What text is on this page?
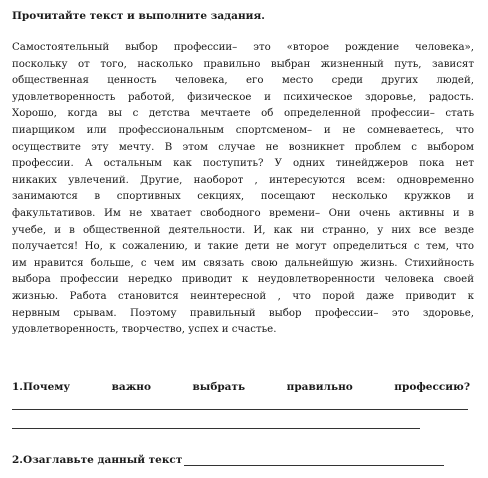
Прочитайте текст и выполните задания.
Самостоятельный выбор профессии– это «второе рождение человека»,
поскольку от того, насколько правильно выбран жизненный путь, зависят
общественная ценность человека, его место среди других людей,
удовлетворенность работой, физическое и психическое здоровье, радость.
Хорошо, когда вы с детства мечтаете об определенной профессии– стать
пиарщиком или профессиональным спортсменом– и не сомневаетесь, что
осуществите эту мечту. В этом случае не возникнет проблем с выбором
профессии. А остальным как поступить? У одних тинейджеров пока нет
никаких увлечений. Другие, наоборот , интересуются всем: одновременно
занимаются в спортивных секциях, посещают несколько кружков и
факультативов. Им не хватает свободного времени– Они очень активны и в
учебе, и в общественной деятельности. И, как ни странно, у них все везде
получается! Но, к сожалению, и такие дети не могут определиться с тем, что
им нравится больше, с чем им связать свою дальнейшую жизнь. Стихийность
выбора профессии нередко приводит к неудовлетворенности человека своей
жизнью. Работа становится неинтересной , что порой даже приводит к
нервным срывам. Поэтому правильный выбор профессии– это здоровье,
удовлетворенность, творчество, успех и счастье.
1.Почему	важно	выбрать	правильно	профессию?
2.Озаглавьте данный текст
